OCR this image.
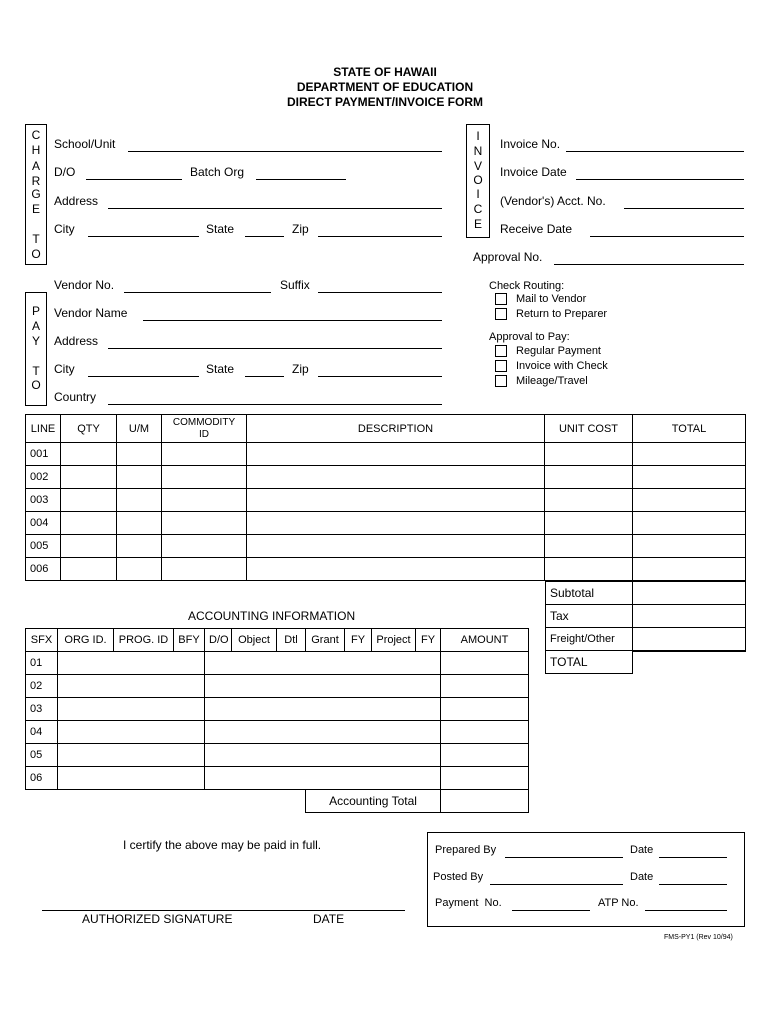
STATE OF HAWAII
DEPARTMENT OF EDUCATION
DIRECT PAYMENT/INVOICE FORM
C
H
A
R
G
E
T
O
School/Unit
D/O	Batch Org
Address
City	State	Zip
I
N
V
O
I
C
E
Invoice No.
Invoice Date
(Vendor's) Acct. No.
Receive Date
Approval No.
Vendor No.	Suffix
P
A
Y
T
O
Vendor Name
Address
City	State	Zip
Country
Check Routing:
Mail to Vendor
Return to Preparer
Approval to Pay:
Regular Payment
Invoice with Check
Mileage/Travel
LINE	QTY	U/M	COMMODITY ID	DESCRIPTION	UNIT COST	TOTAL
001						
002						
003						
004						
005						
006						
Subtotal	
Tax	
Freight/Other	
TOTAL	
ACCOUNTING INFORMATION
SFX	ORG ID.	PROG. ID	BFY	D/O	Object	Dtl	Grant	FY	Project	FY	AMOUNT
01											
02											
03											
04											
05											
06											
							Accounting Total				
I certify the above may be paid in full.
AUTHORIZED SIGNATURE	DATE
Prepared By	Date
Posted By	Date
Payment  No.	ATP No.
FMS-PY1 (Rev 10/94)
